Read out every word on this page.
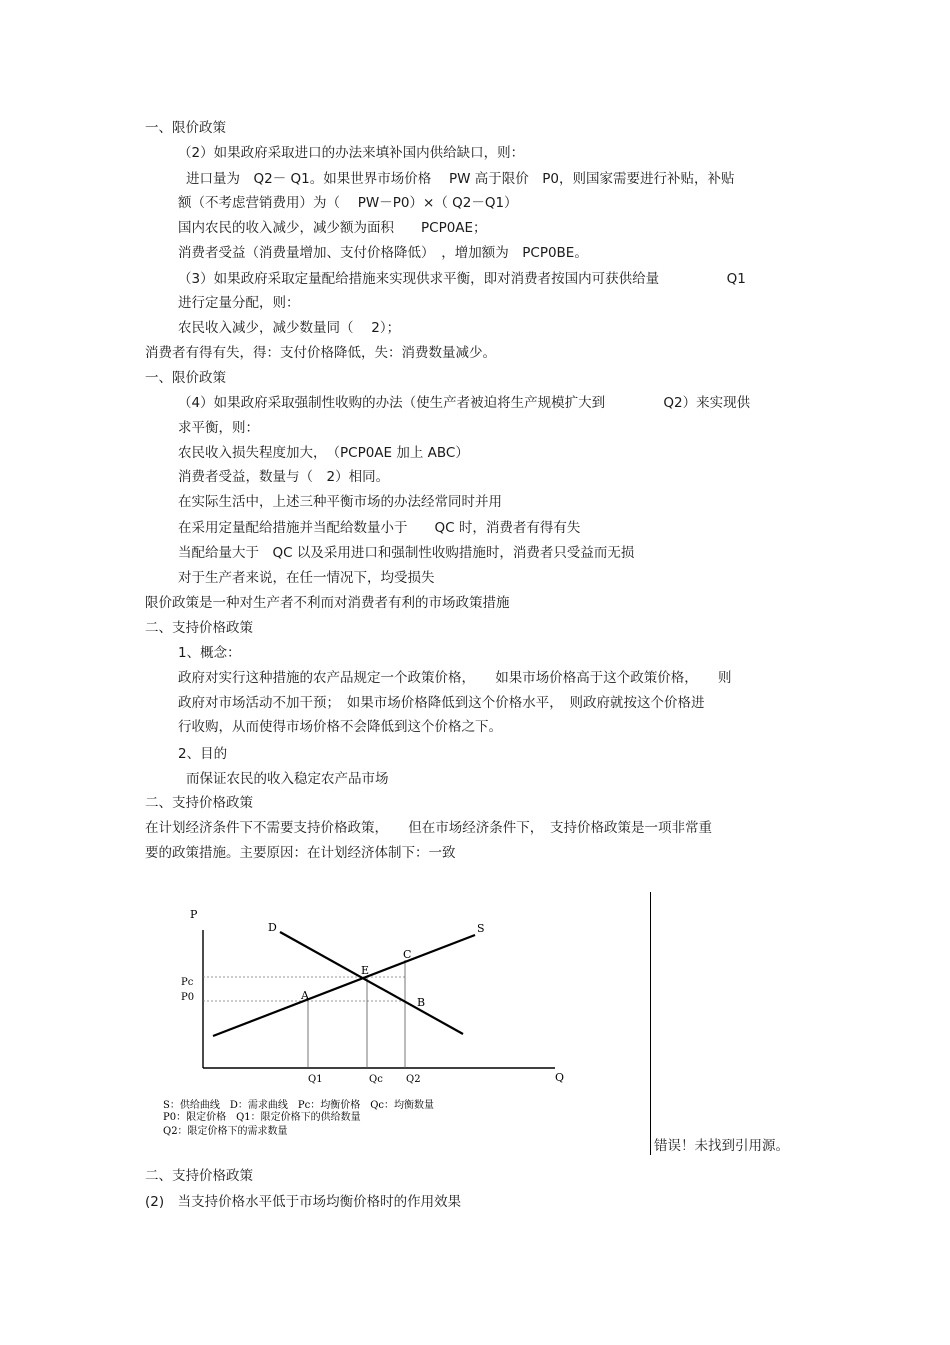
一、限价政策
（2）如果政府采取进口的办法来填补国内供给缺口，则：
进口量为　Q2－ Q1。如果世界市场价格　 PW 高于限价　P0，则国家需要进行补贴，补贴
额（不考虑营销费用）为（　 PW－P0）×（ Q2－Q1）
国内农民的收入减少，减少额为面积　　PCP0AE；
消费者受益（消费量增加、支付价格降低）　，增加额为　PCP0BE。
（3）如果政府采取定量配给措施来实现供求平衡，即对消费者按国内可获供给量　　　　　Q1
进行定量分配，则：
农民收入减少，减少数量同（　 2）；
消费者有得有失，得：支付价格降低，失：消费数量减少。
一、限价政策
（4）如果政府采取强制性收购的办法（使生产者被迫将生产规模扩大到　　　　 Q2）来实现供
求平衡，则：
农民收入损失程度加大，　（PCP0AE 加上 ABC）
消费者受益，数量与（　2）相同。
在实际生活中，上述三种平衡市场的办法经常同时并用
在采用定量配给措施并当配给数量小于　　QC 时，消费者有得有失
当配给量大于　QC 以及采用进口和强制性收购措施时，消费者只受益而无损
对于生产者来说，在任一情况下，均受损失
限价政策是一种对生产者不利而对消费者有利的市场政策措施
二、支持价格政策
1、概念：
政府对实行这种措施的农产品规定一个政策价格，　　如果市场价格高于这个政策价格，　　则
政府对市场活动不加干预；　如果市场价格降低到这个价格水平，　则政府就按这个价格进
行收购，从而使得市场价格不会降低到这个价格之下。
2、目的
而保证农民的收入稳定农产品市场
二、支持价格政策
在计划经济条件下不需要支持价格政策，　　但在市场经济条件下，　支持价格政策是一项非常重
要的政策措施。主要原因：在计划经济体制下：一致
P
Q
D	S
E
C
A
B
Pc
P0
Q1	Qc Q2
S：供给曲线　D：需求曲线　Pc：均衡价格　Qc：均衡数量
P0：限定价格　Q1：限定价格下的供给数量
Q2：限定价格下的需求数量
错误！未找到引用源。
二、支持价格政策
(2)　当支持价格水平低于市场均衡价格时的作用效果
